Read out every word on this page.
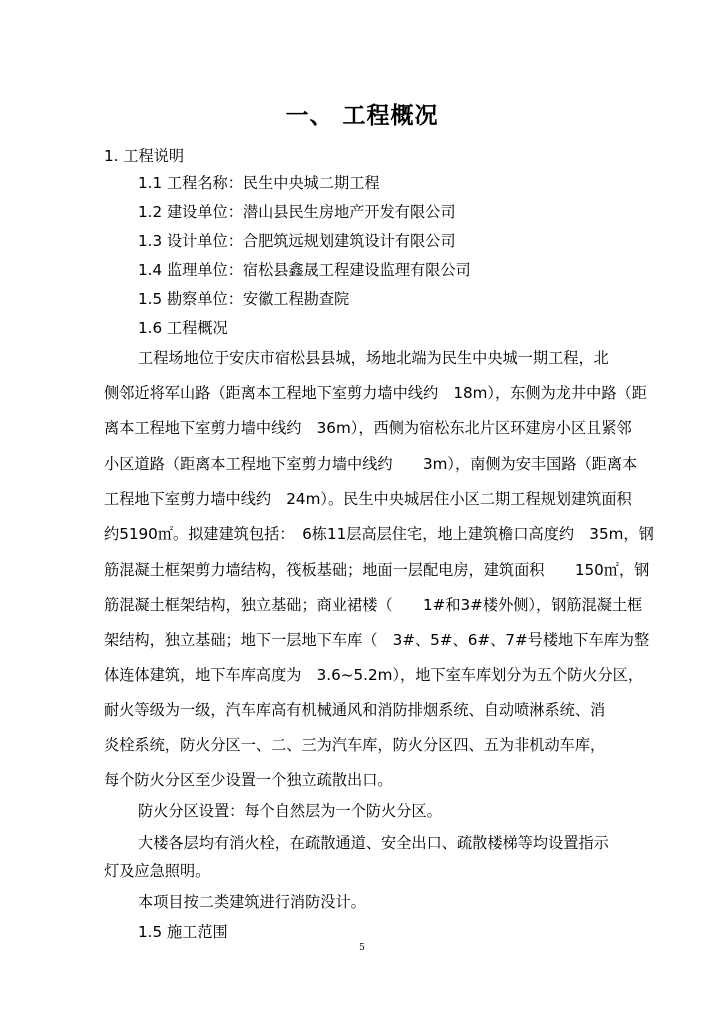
一、 工程概况
1. 工程说明
1.1 工程名称：民生中央城二期工程
1.2 建设单位：潜山县民生房地产开发有限公司
1.3 设计单位：合肥筑远规划建筑设计有限公司
1.4 监理单位：宿松县鑫晟工程建设监理有限公司
1.5 勘察单位：安徽工程勘查院
1.6 工程概况
工程场地位于安庆市宿松县县城，场地北端为民生中央城一期工程，北
侧邻近将军山路（距离本工程地下室剪力墙中线约　18m），东侧为龙井中路（距
离本工程地下室剪力墙中线约　36m），西侧为宿松东北片区环建房小区且紧邻
小区道路（距离本工程地下室剪力墙中线约　　3m），南侧为安丰国路（距离本
工程地下室剪力墙中线约　24m）。民生中央城居住小区二期工程规划建筑面积
约5190㎡。拟建建筑包括：　6栋11层高层住宅，地上建筑檐口高度约　35m，钢
筋混凝土框架剪力墙结构，筏板基础；地面一层配电房，建筑面积　　150㎡，钢
筋混凝土框架结构，独立基础；商业裙楼（　　1#和3#楼外侧），钢筋混凝土框
架结构，独立基础；地下一层地下车库（　3#、5#、6#、7#号楼地下车库为整
体连体建筑，地下车库高度为　3.6~5.2m），地下室车库划分为五个防火分区，
耐火等级为一级，汽车库高有机械通风和消防排烟系统、自动喷淋系统、消
炎栓系统，防火分区一、二、三为汽车库，防火分区四、五为非机动车库，
每个防火分区至少设置一个独立疏散出口。
防火分区设置：每个自然层为一个防火分区。
大楼各层均有消火栓，在疏散通道、安全出口、疏散楼梯等均设置指示
灯及应急照明。
本项目按二类建筑进行消防没计。
1.5 施工范围
5
